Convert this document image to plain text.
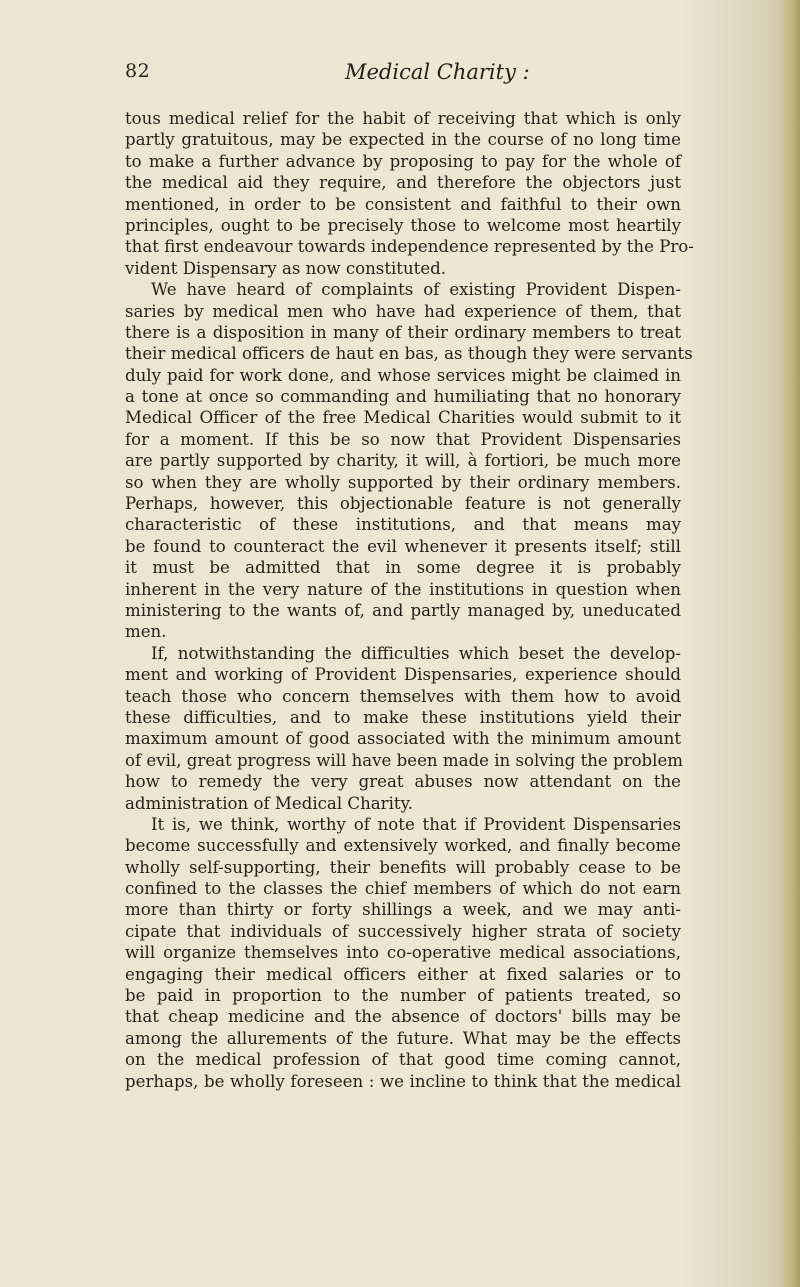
82	Medical Charity :
tous medical relief for the habit of receiving that which is only
partly gratuitous, may be expected in the course of no long time
to make a further advance by proposing to pay for the whole of
the medical aid they require, and therefore the objectors just
mentioned, in order to be consistent and faithful to their own
principles, ought to be precisely those to welcome most heartily
that first endeavour towards independence represented by the Pro-
vident Dispensary as now constituted.
We have heard of complaints of existing Provident Dispen-
saries by medical men who have had experience of them, that
there is a disposition in many of their ordinary members to treat
their medical officers de haut en bas, as though they were servants
duly paid for work done, and whose services might be claimed in
a tone at once so commanding and humiliating that no honorary
Medical Officer of the free Medical Charities would submit to it
for a moment. If this be so now that Provident Dispensaries
are partly supported by charity, it will, à fortiori, be much more
so when they are wholly supported by their ordinary members.
Perhaps, however, this objectionable feature is not generally
characteristic of these institutions, and that means may
be found to counteract the evil whenever it presents itself; still
it must be admitted that in some degree it is probably
inherent in the very nature of the institutions in question when
ministering to the wants of, and partly managed by, uneducated
men.
If, notwithstanding the difficulties which beset the develop-
ment and working of Provident Dispensaries, experience should
teach those who concern themselves with them how to avoid
these difficulties, and to make these institutions yield their
maximum amount of good associated with the minimum amount
of evil, great progress will have been made in solving the problem
how to remedy the very great abuses now attendant on the
administration of Medical Charity.
It is, we think, worthy of note that if Provident Dispensaries
become successfully and extensively worked, and finally become
wholly self-supporting, their benefits will probably cease to be
confined to the classes the chief members of which do not earn
more than thirty or forty shillings a week, and we may anti-
cipate that individuals of successively higher strata of society
will organize themselves into co-operative medical associations,
engaging their medical officers either at fixed salaries or to
be paid in proportion to the number of patients treated, so
that cheap medicine and the absence of doctors' bills may be
among the allurements of the future. What may be the effects
on the medical profession of that good time coming cannot,
perhaps, be wholly foreseen : we incline to think that the medical
